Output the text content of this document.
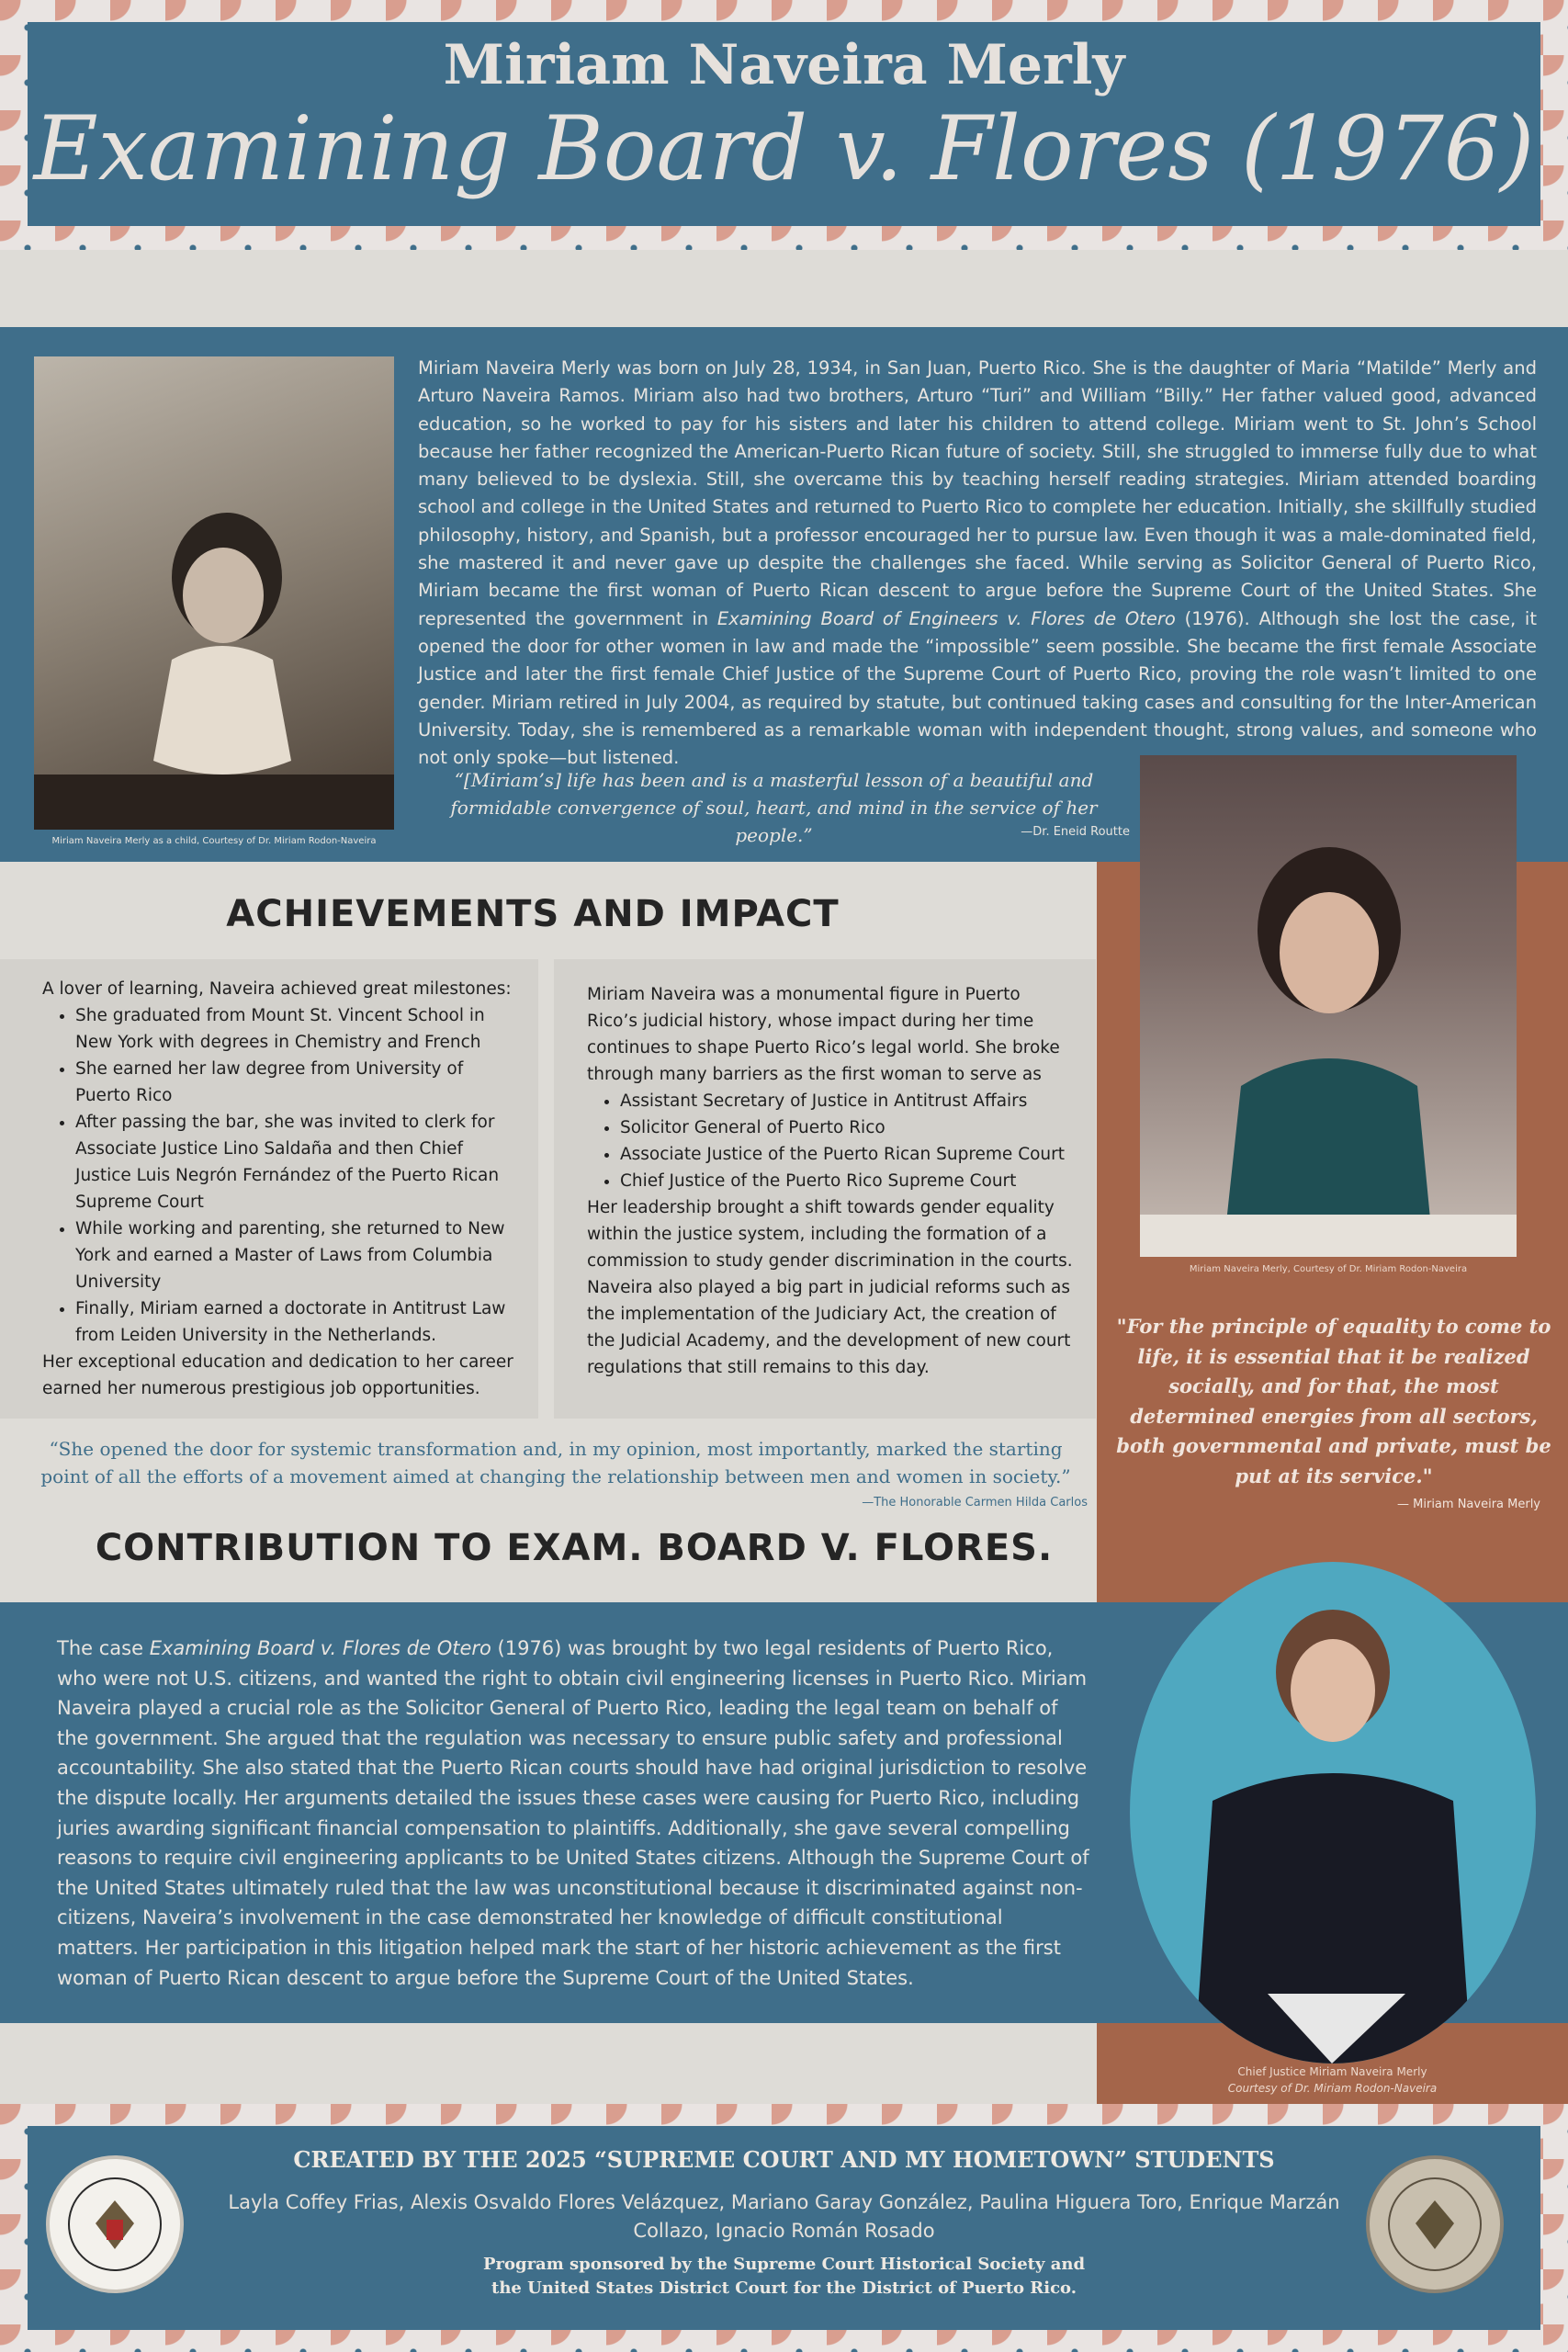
Miriam Naveira Merly
Examining Board v. Flores (1976)
Miriam Naveira Merly as a child, Courtesy of Dr. Miriam Rodon-Naveira
Miriam Naveira Merly was born on July 28, 1934, in San Juan, Puerto Rico. She is the daughter of Maria “Matilde” Merly and Arturo Naveira Ramos. Miriam also had two brothers, Arturo “Turi” and William “Billy.” Her father valued good, advanced education, so he worked to pay for his sisters and later his children to attend college. Miriam went to St. John’s School because her father recognized the American-Puerto Rican future of society. Still, she struggled to immerse fully due to what many believed to be dyslexia. Still, she overcame this by teaching herself reading strategies. Miriam attended boarding school and college in the United States and returned to Puerto Rico to complete her education. Initially, she skillfully studied philosophy, history, and Spanish, but a professor encouraged her to pursue law. Even though it was a male-dominated field, she mastered it and never gave up despite the challenges she faced. While serving as Solicitor General of Puerto Rico, Miriam became the first woman of Puerto Rican descent to argue before the Supreme Court of the United States. She represented the government in Examining Board of Engineers v. Flores de Otero (1976). Although she lost the case, it opened the door for other women in law and made the “impossible” seem possible. She became the first female Associate Justice and later the first female Chief Justice of the Supreme Court of Puerto Rico, proving the role wasn’t limited to one gender. Miriam retired in July 2004, as required by statute, but continued taking cases and consulting for the Inter-American University. Today, she is remembered as a remarkable woman with independent thought, strong values, and someone who not only spoke—but listened.
“[Miriam’s] life has been and is a masterful lesson of a beautiful and formidable convergence of soul, heart, and mind in the service of her people.”	—Dr. Eneid Routte
Miriam Naveira Merly, Courtesy of Dr. Miriam Rodon-Naveira
"For the principle of equality to come to life, it is essential that it be realized socially, and for that, the most determined energies from all sectors, both governmental and private, must be put at its service."
— Miriam Naveira Merly
ACHIEVEMENTS AND IMPACT
A lover of learning, Naveira achieved great milestones:
• She graduated from Mount St. Vincent School in New York with degrees in Chemistry and French
• She earned her law degree from University of Puerto Rico
• After passing the bar, she was invited to clerk for Associate Justice Lino Saldaña and then Chief Justice Luis Negrón Fernández of the Puerto Rican Supreme Court
• While working and parenting, she returned to New York and earned a Master of Laws from Columbia University
• Finally, Miriam earned a doctorate in Antitrust Law from Leiden University in the Netherlands.
Her exceptional education and dedication to her career earned her numerous prestigious job opportunities.
Miriam Naveira was a monumental figure in Puerto Rico’s judicial history, whose impact during her time continues to shape Puerto Rico’s legal world. She broke through many barriers as the first woman to serve as
• Assistant Secretary of Justice in Antitrust Affairs
• Solicitor General of Puerto Rico
• Associate Justice of the Puerto Rican Supreme Court
• Chief Justice of the Puerto Rico Supreme Court
Her leadership brought a shift towards gender equality within the justice system, including the formation of a commission to study gender discrimination in the courts. Naveira also played a big part in judicial reforms such as the implementation of the Judiciary Act, the creation of the Judicial Academy, and the development of new court regulations that still remains to this day.
“She opened the door for systemic transformation and, in my opinion, most importantly, marked the starting point of all the efforts of a movement aimed at changing the relationship between men and women in society.”
—The Honorable Carmen Hilda Carlos
CONTRIBUTION TO EXAM. BOARD V. FLORES.
The case Examining Board v. Flores de Otero (1976) was brought by two legal residents of Puerto Rico, who were not U.S. citizens, and wanted the right to obtain civil engineering licenses in Puerto Rico. Miriam Naveira played a crucial role as the Solicitor General of Puerto Rico, leading the legal team on behalf of the government. She argued that the regulation was necessary to ensure public safety and professional accountability. She also stated that the Puerto Rican courts should have had original jurisdiction to resolve the dispute locally. Her arguments detailed the issues these cases were causing for Puerto Rico, including juries awarding significant financial compensation to plaintiffs. Additionally, she gave several compelling reasons to require civil engineering applicants to be United States citizens. Although the Supreme Court of the United States ultimately ruled that the law was unconstitutional because it discriminated against non-citizens, Naveira’s involvement in the case demonstrated her knowledge of difficult constitutional matters. Her participation in this litigation helped mark the start of her historic achievement as the first woman of Puerto Rican descent to argue before the Supreme Court of the United States.
Chief Justice Miriam Naveira Merly
Courtesy of Dr. Miriam Rodon-Naveira
CREATED BY THE 2025 “SUPREME COURT AND MY HOMETOWN” STUDENTS
Layla Coffey Frias, Alexis Osvaldo Flores Velázquez, Mariano Garay González, Paulina Higuera Toro, Enrique Marzán Collazo, Ignacio Román Rosado
Program sponsored by the Supreme Court Historical Society and
the United States District Court for the District of Puerto Rico.
